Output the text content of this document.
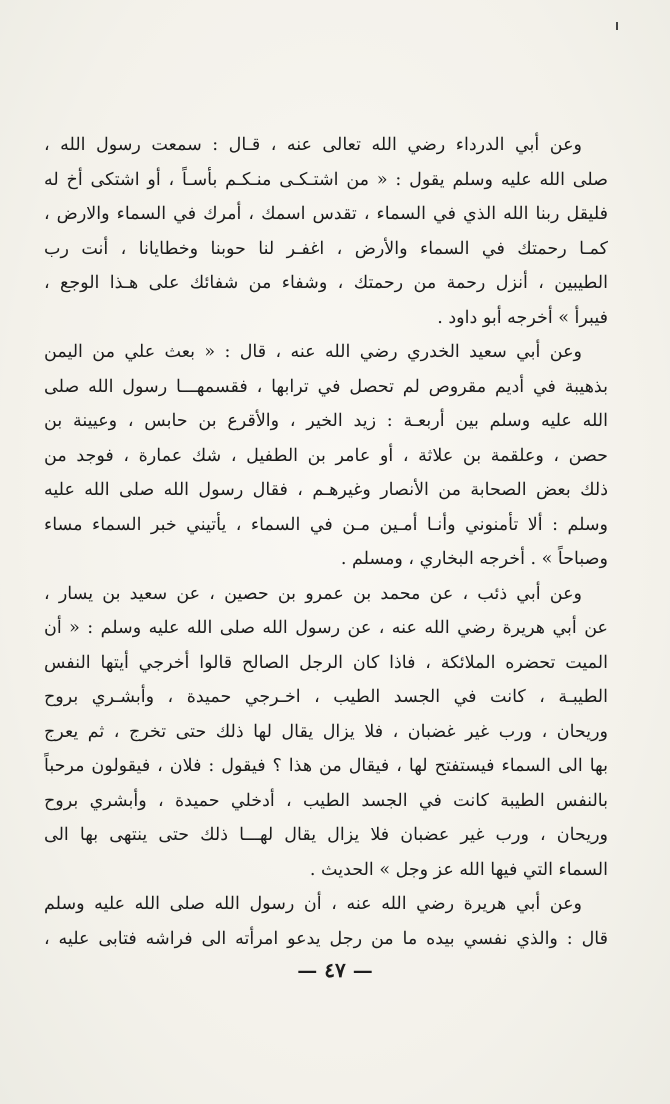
وعن أبي الدرداء رضي الله تعالى عنه ، قـال : سمعت رسول الله ،
صلى الله عليه وسلم يقول : « من اشتـكـى منـكـم بأسـاً ، أو اشتكى أخ له
فليقل ربنا الله الذي في السماء ، تقدس اسمك ، أمرك في السماء والارض ،
كمـا رحمتك في السماء والأرض ، اغفـر لنا حوبنا وخطايانا ، أنت رب
الطيبين ، أنزل رحمة من رحمتك ، وشفاء من شفائك على هـذا الوجع ،
فيبرأ » أخرجه أبو داود .
وعن أبي سعيد الخدري رضي الله عنه ، قال : « بعث علي من اليمن
بذهيبة في أديم مقروص لم تحصل في ترابها ، فقسمهـــا رسول الله صلى
الله عليه وسلم بين أربعـة : زيد الخير ، والأقرع بن حابس ، وعيينة بن
حصن ، وعلقمة بن علاثة ، أو عامر بن الطفيل ، شك عمارة ، فوجد من
ذلك بعض الصحابة من الأنصار وغيرهـم ، فقال رسول الله صلى الله عليه
وسلم : ألا تأمنوني وأنـا أمـين مـن في السماء ، يأتيني خبر السماء مساء
وصباحاً » . أخرجه البخاري ، ومسلم .
وعن أبي ذئب ، عن محمد بن عمرو بن حصين ، عن سعيد بن يسار ،
عن أبي هريرة رضي الله عنه ، عن رسول الله صلى الله عليه وسلم : « أن
الميت تحضره الملائكة ، فاذا كان الرجل الصالح قالوا أخرجي أيتها النفس
الطيبـة ، كانت في الجسد الطيب ، اخـرجي حميدة ، وأبشـري بروح
وريحان ، ورب غير غضبان ، فلا يزال يقال لها ذلك حتى تخرج ، ثم يعرج
بها الى السماء فيستفتح لها ، فيقال من هذا ؟ فيقول : فلان ، فيقولون مرحباً
بالنفس الطيبة كانت في الجسد الطيب ، أدخلي حميدة ، وأبشري بروح
وريحان ، ورب غير عضبان فلا يزال يقال لهـــا ذلك حتى ينتهى بها الى
السماء التي فيها الله عز وجل » الحديث .
وعن أبي هريرة رضي الله عنه ، أن رسول الله صلى الله عليه وسلم
قال : والذي نفسي بيده ما من رجل يدعو امرأته الى فراشه فتابى عليه ،
— ٤٧ —
